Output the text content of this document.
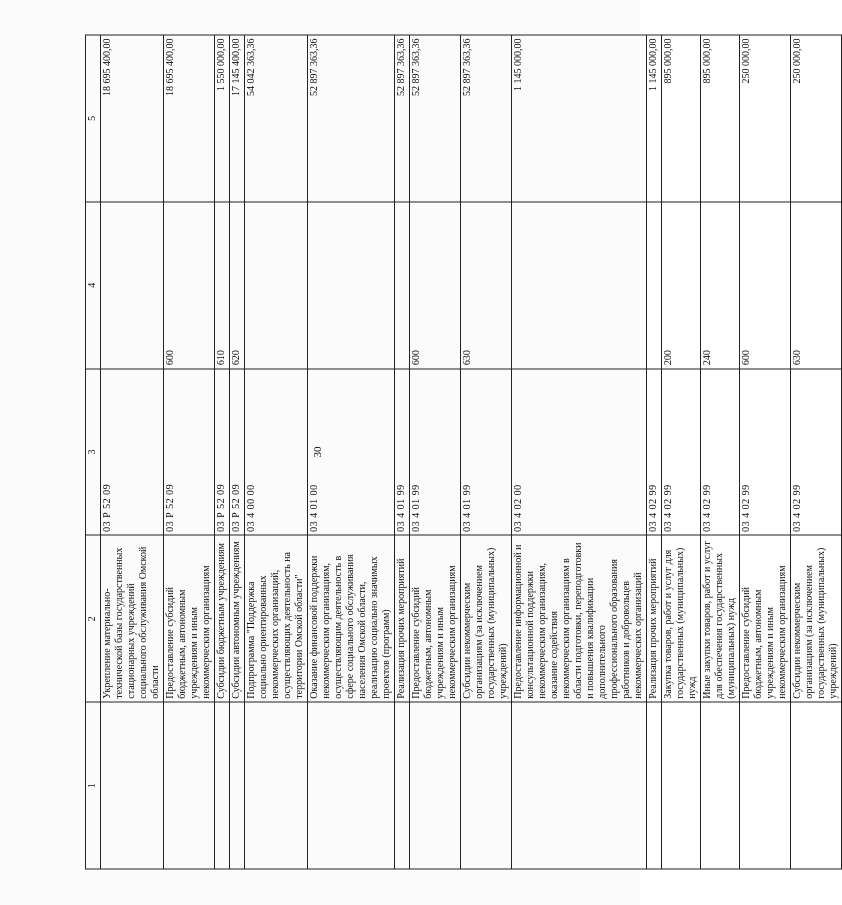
30
1	2	3	4	5
	Укрепление материально-технической базы государственных стационарных учреждений социального обслуживания Омской области	03 Р 52 09		18 695 400,00
	Предоставление субсидий бюджетным, автономным учреждениям и иным некоммерческим организациям	03 Р 52 09	600	18 695 400,00
	Субсидии бюджетным учреждениям	03 Р 52 09	610	1 550 000,00
	Субсидии автономным учреждениям	03 Р 52 09	620	17 145 400,00
	Подпрограмма "Поддержка социально ориентированных некоммерческих организаций, осуществляющих деятельность на территории Омской области"	03 4 00 00		54 042 363,36
	Оказание финансовой поддержки некоммерческим организациям, осуществляющим деятельность в сфере социального обслуживания населения Омской области, реализацию социально значимых проектов (программ)	03 4 01 00		52 897 363,36
	Реализация прочих мероприятий	03 4 01 99		52 897 363,36
	Предоставление субсидий бюджетным, автономным учреждениям и иным некоммерческим организациям	03 4 01 99	600	52 897 363,36
	Субсидии некоммерческим организациям (за исключением государственных (муниципальных) учреждений)	03 4 01 99	630	52 897 363,36
	Предоставление информационной и консультационной поддержки некоммерческим организациям, оказание содействия некоммерческим организациям в области подготовки, переподготовки и повышения квалификации дополнительного профессионального образования работников и добровольцев некоммерческих организаций	03 4 02 00		1 145 000,00
	Реализация прочих мероприятий	03 4 02 99		1 145 000,00
	Закупка товаров, работ и услуг для государственных (муниципальных) нужд	03 4 02 99	200	895 000,00
	Иные закупки товаров, работ и услуг для обеспечения государственных (муниципальных) нужд	03 4 02 99	240	895 000,00
	Предоставление субсидий бюджетным, автономным учреждениям и иным некоммерческим организациям	03 4 02 99	600	250 000,00
	Субсидии некоммерческим организациям (за исключением государственных (муниципальных) учреждений)	03 4 02 99	630	250 000,00
